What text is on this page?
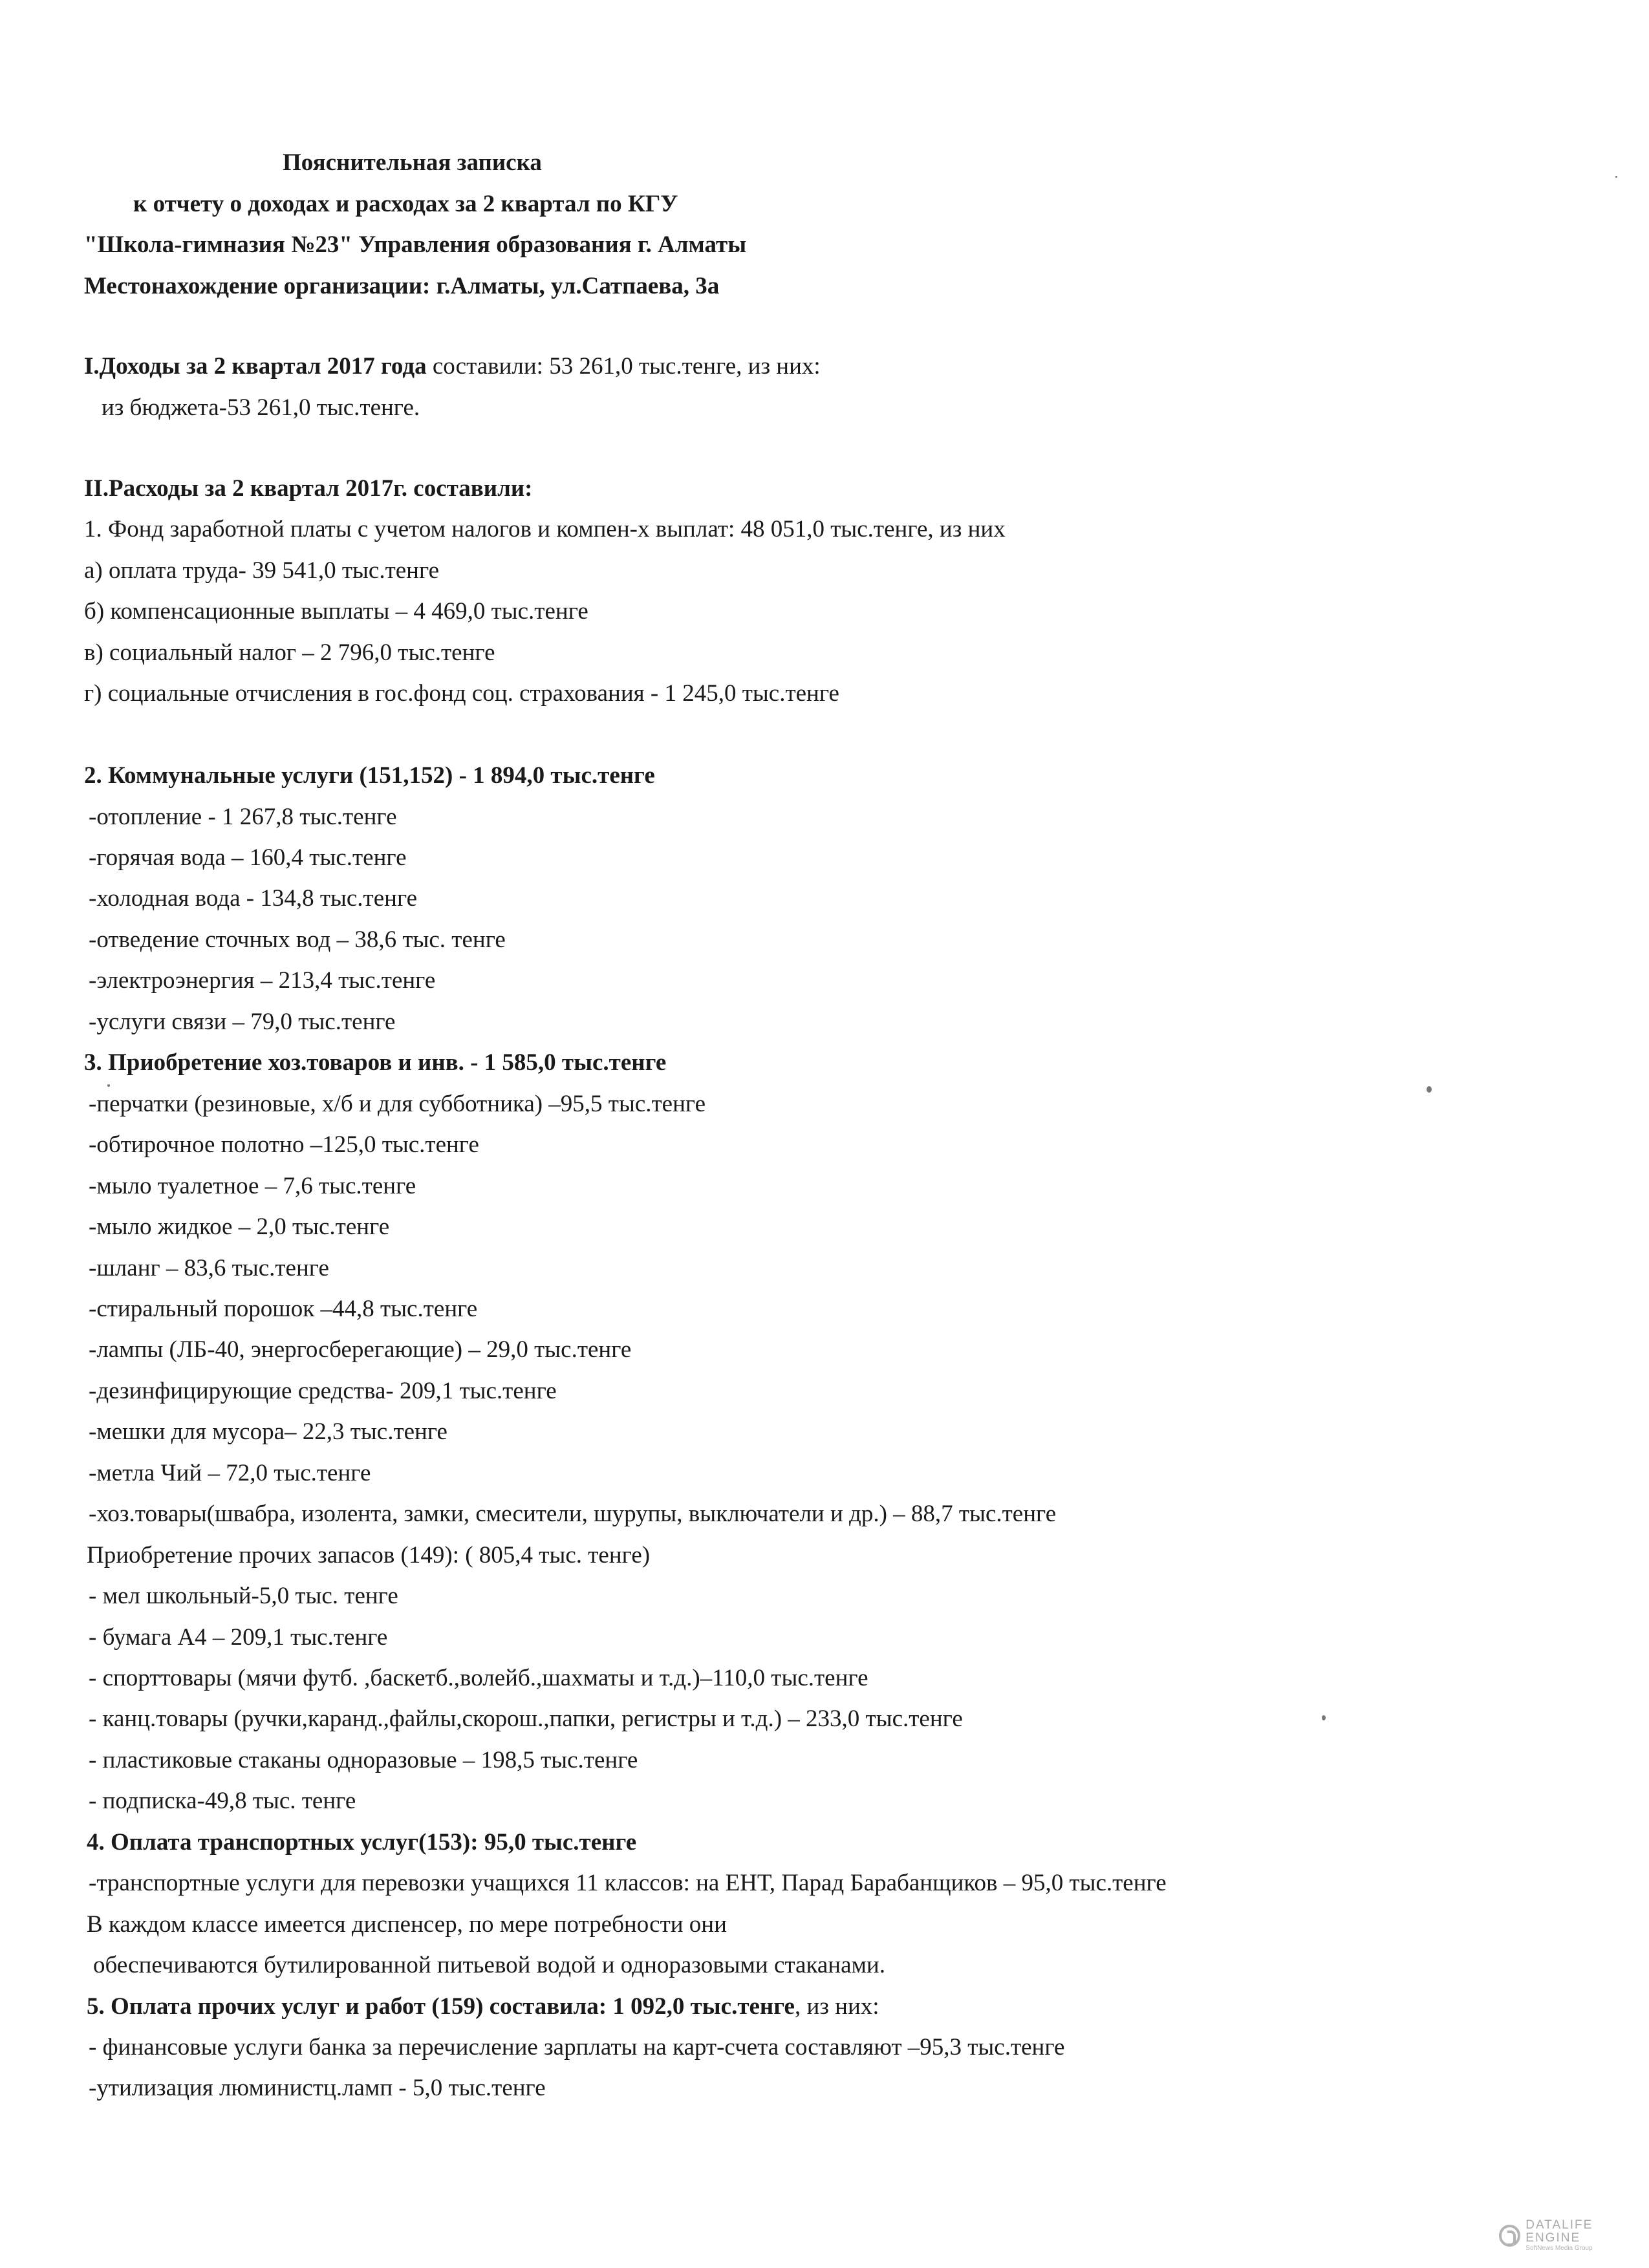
Пояснительная записка
к отчету о доходах и расходах за 2 квартал по КГУ
"Школа-гимназия №23" Управления образования г. Алматы
Местонахождение организации: г.Алматы, ул.Сатпаева, 3а
I.Доходы за 2 квартал 2017 года составили: 53 261,0 тыс.тенге, из них:
из бюджета-53 261,0 тыс.тенге.
II.Расходы за 2 квартал 2017г. составили:
1. Фонд заработной платы с учетом налогов и компен-х выплат: 48 051,0 тыс.тенге, из них
а) оплата труда- 39 541,0 тыс.тенге
б) компенсационные выплаты – 4 469,0 тыс.тенге
в) социальный налог – 2 796,0 тыс.тенге
г) социальные отчисления в гос.фонд соц. страхования - 1 245,0 тыс.тенге
2. Коммунальные услуги (151,152) - 1 894,0 тыс.тенге
-отопление - 1 267,8 тыс.тенге
-горячая вода – 160,4 тыс.тенге
-холодная вода - 134,8 тыс.тенге
-отведение сточных вод – 38,6 тыс. тенге
-электроэнергия – 213,4 тыс.тенге
-услуги связи – 79,0 тыс.тенге
3. Приобретение хоз.товаров и инв. - 1 585,0 тыс.тенге
-перчатки (резиновые, х/б и для субботника) –95,5 тыс.тенге
-обтирочное полотно –125,0 тыс.тенге
-мыло туалетное – 7,6 тыс.тенге
-мыло жидкое – 2,0 тыс.тенге
-шланг – 83,6 тыс.тенге
-стиральный порошок –44,8 тыс.тенге
-лампы (ЛБ-40, энергосберегающие) – 29,0 тыс.тенге
-дезинфицирующие средства- 209,1 тыс.тенге
-мешки для мусора– 22,3 тыс.тенге
-метла Чий – 72,0 тыс.тенге
-хоз.товары(швабра, изолента, замки, смесители, шурупы, выключатели и др.) – 88,7 тыс.тенге
Приобретение прочих запасов (149): ( 805,4 тыс. тенге)
- мел школьный-5,0 тыс. тенге
- бумага А4 – 209,1 тыс.тенге
- спорттовары (мячи футб. ,баскетб.,волейб.,шахматы и т.д.)–110,0 тыс.тенге
- канц.товары (ручки,каранд.,файлы,скорош.,папки, регистры и т.д.) – 233,0 тыс.тенге
- пластиковые стаканы одноразовые – 198,5 тыс.тенге
- подписка-49,8 тыс. тенге
4. Оплата транспортных услуг(153): 95,0 тыс.тенге
-транспортные услуги для перевозки учащихся 11 классов: на ЕНТ, Парад Барабанщиков – 95,0 тыс.тенге
В каждом классе имеется диспенсер, по мере потребности они
обеспечиваются бутилированной питьевой водой и одноразовыми стаканами.
5. Оплата прочих услуг и работ (159) составила: 1 092,0 тыс.тенге, из них:
- финансовые услуги банка за перечисление зарплаты на карт-счета составляют –95,3 тыс.тенге
-утилизация люминистц.ламп - 5,0 тыс.тенге
DATALIFE ENGINE
SoftNews Media Group
